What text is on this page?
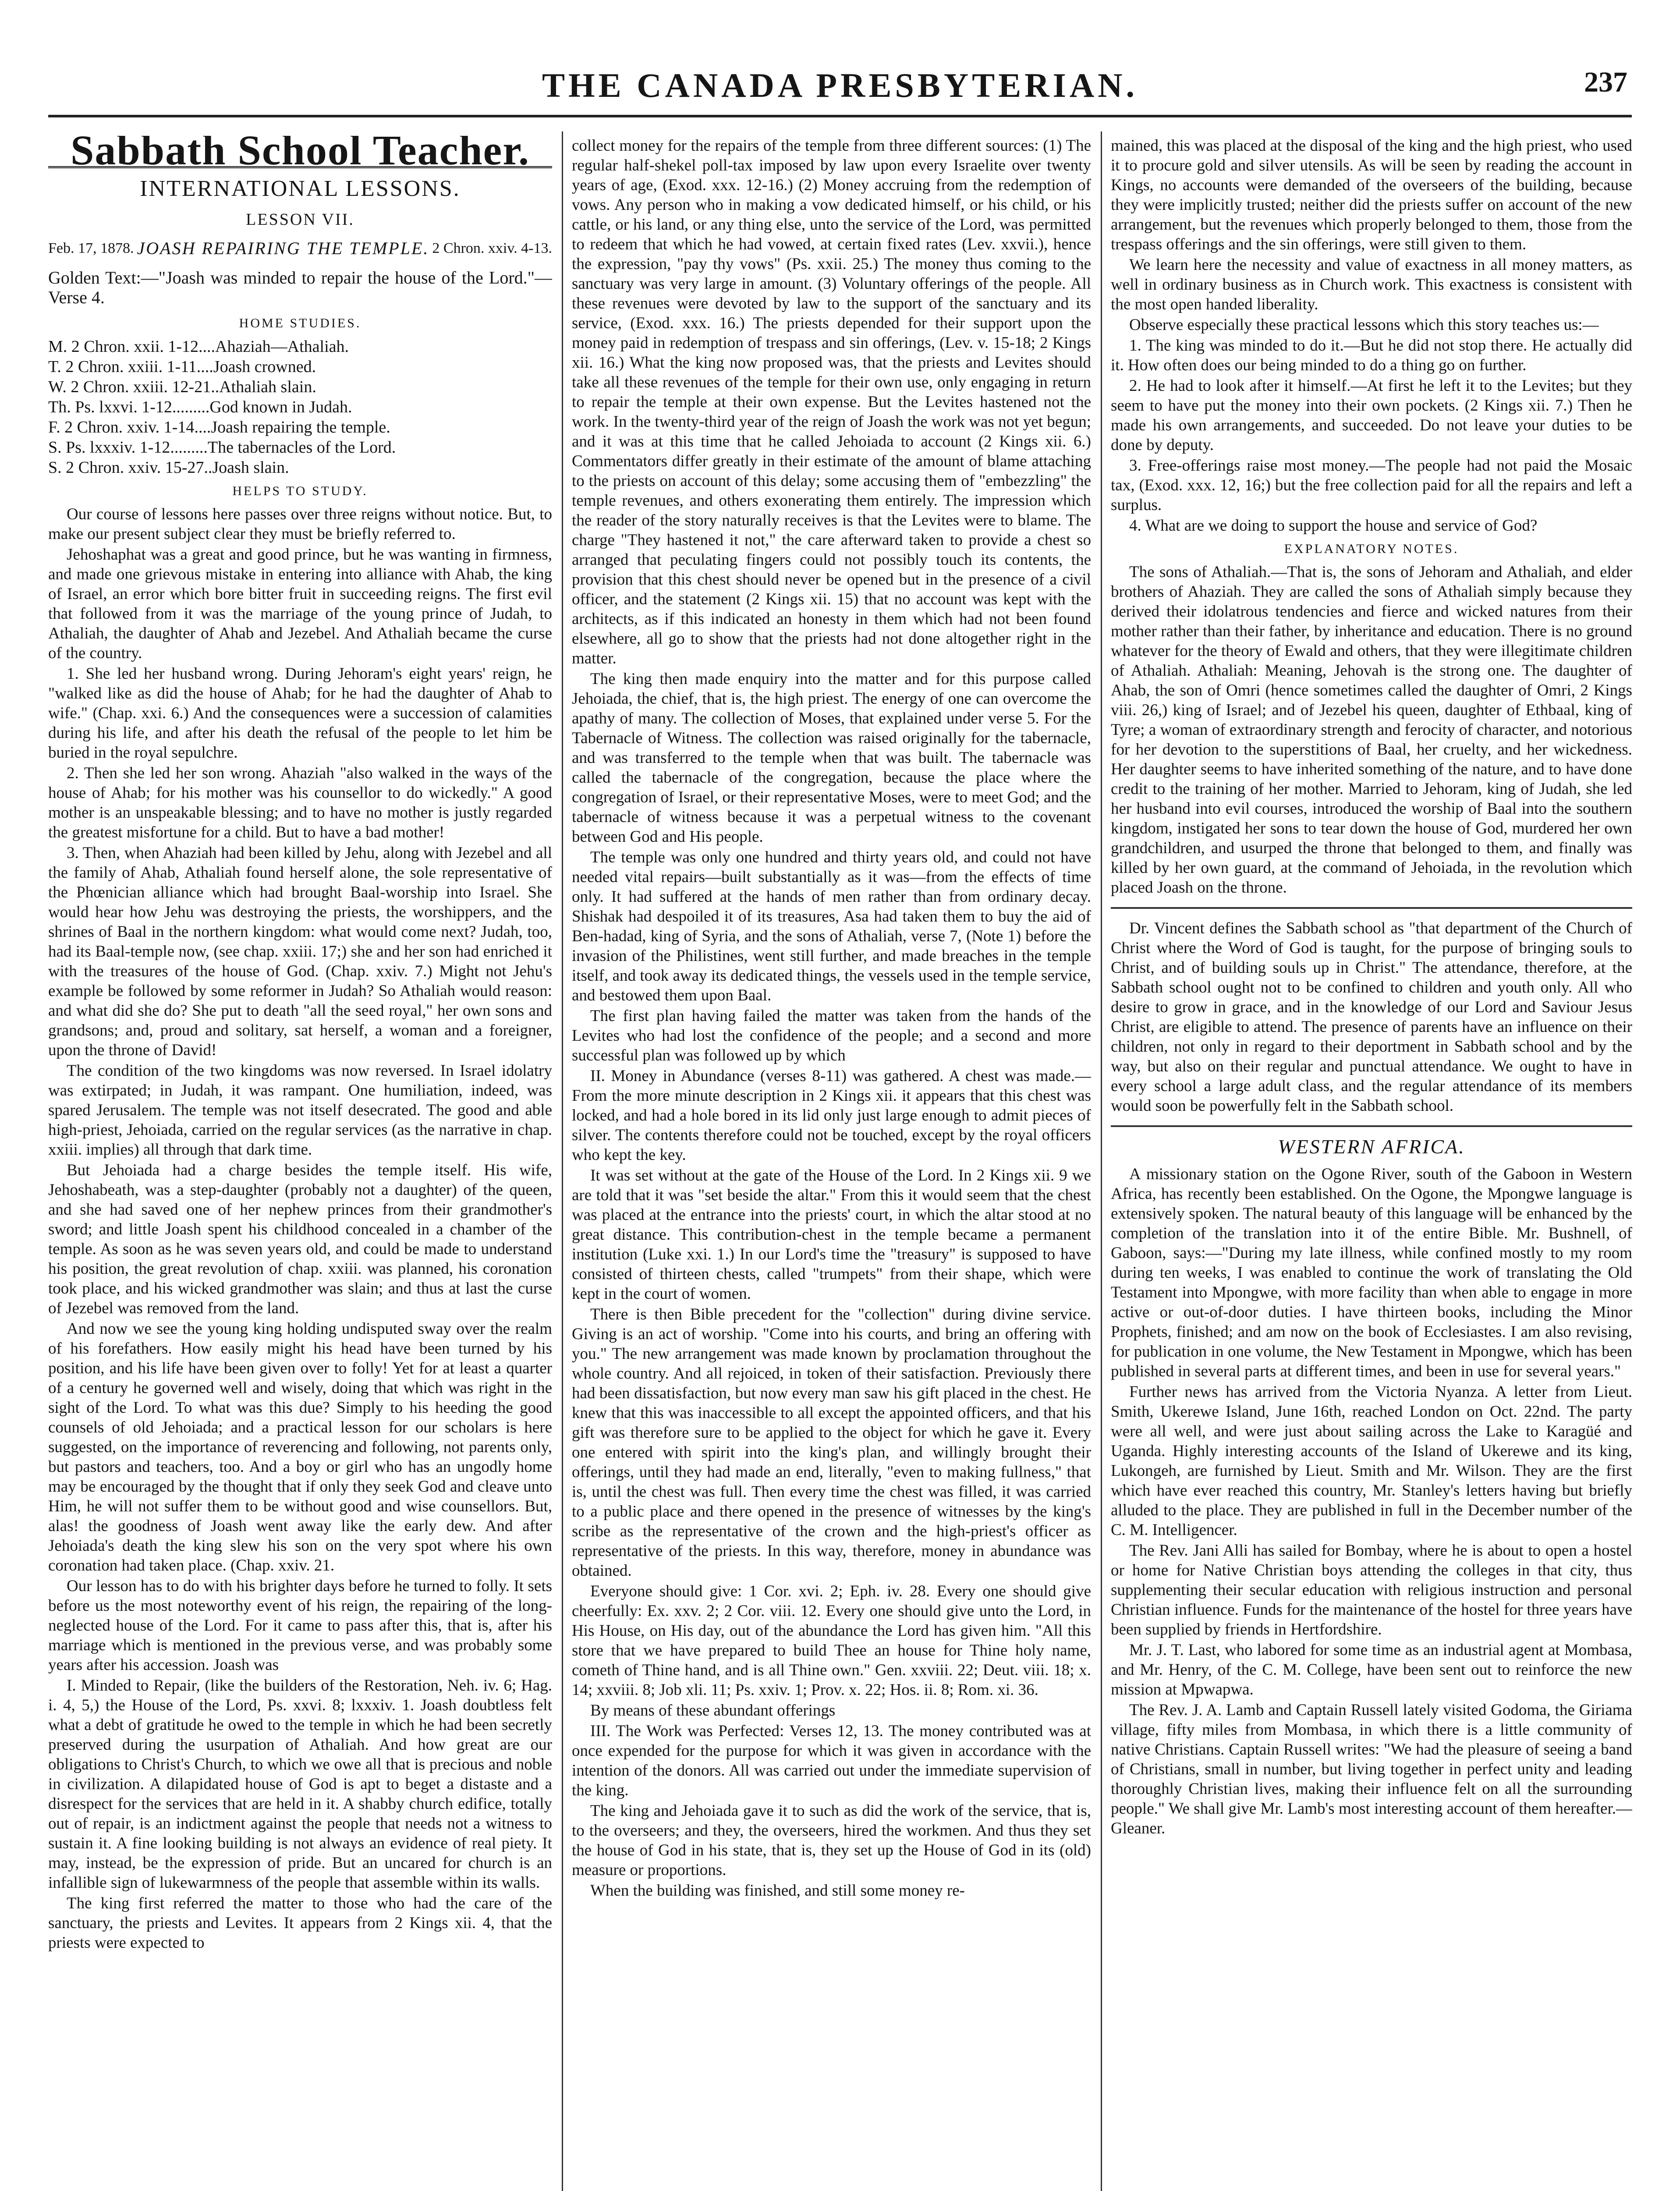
THE CANADA PRESBYTERIAN.	237
Sabbath School Teacher.
INTERNATIONAL LESSONS.
LESSON VII.
Feb. 17, 1878. JOASH REPAIRING THE TEMPLE. 2 Chron. xxiv. 4-13.
Golden Text:—"Joash was minded to repair the house of the Lord."—Verse 4.
HOME STUDIES.
M. 2 Chron. xxii. 1-12....Ahaziah—Athaliah.
T. 2 Chron. xxiii. 1-11....Joash crowned.
W. 2 Chron. xxiii. 12-21..Athaliah slain.
Th. Ps. lxxvi. 1-12.........God known in Judah.
F. 2 Chron. xxiv. 1-14....Joash repairing the temple.
S. Ps. lxxxiv. 1-12.........The tabernacles of the Lord.
S. 2 Chron. xxiv. 15-27..Joash slain.
HELPS TO STUDY.

Our course of lessons here passes over three reigns without notice. But, to make our present subject clear they must be briefly referred to.

Jehoshaphat was a great and good prince, but he was wanting in firmness, and made one grievous mistake in entering into alliance with Ahab, the king of Israel, an error which bore bitter fruit in succeeding reigns. The first evil that followed from it was the marriage of the young prince of Judah, to Athaliah, the daughter of Ahab and Jezebel. And Athaliah became the curse of the country.

1. She led her husband wrong. During Jehoram's eight years' reign, he "walked like as did the house of Ahab; for he had the daughter of Ahab to wife." (Chap. xxi. 6.) And the consequences were a succession of calamities during his life, and after his death the refusal of the people to let him be buried in the royal sepulchre.

2. Then she led her son wrong. Ahaziah "also walked in the ways of the house of Ahab; for his mother was his counsellor to do wickedly." A good mother is an unspeakable blessing; and to have no mother is justly regarded the greatest misfortune for a child. But to have a bad mother!

3. Then, when Ahaziah had been killed by Jehu, along with Jezebel and all the family of Ahab, Athaliah found herself alone, the sole representative of the Phœnician alliance which had brought Baal-worship into Israel. She would hear how Jehu was destroying the priests, the worshippers, and the shrines of Baal in the northern kingdom: what would come next? Judah, too, had its Baal-temple now, (see chap. xxiii. 17;) she and her son had enriched it with the treasures of the house of God. (Chap. xxiv. 7.) Might not Jehu's example be followed by some reformer in Judah? So Athaliah would reason: and what did she do? She put to death "all the seed royal," her own sons and grandsons; and, proud and solitary, sat herself, a woman and a foreigner, upon the throne of David!

The condition of the two kingdoms was now reversed. In Israel idolatry was extirpated; in Judah, it was rampant. One humiliation, indeed, was spared Jerusalem. The temple was not itself desecrated. The good and able high-priest, Jehoiada, carried on the regular services (as the narrative in chap. xxiii. implies) all through that dark time.

But Jehoiada had a charge besides the temple itself. His wife, Jehoshabeath, was a step-daughter (probably not a daughter) of the queen, and she had saved one of her nephew princes from their grandmother's sword; and little Joash spent his childhood concealed in a chamber of the temple. As soon as he was seven years old, and could be made to understand his position, the great revolution of chap. xxiii. was planned, his coronation took place, and his wicked grandmother was slain; and thus at last the curse of Jezebel was removed from the land.

And now we see the young king holding undisputed sway over the realm of his forefathers. How easily might his head have been turned by his position, and his life have been given over to folly! Yet for at least a quarter of a century he governed well and wisely, doing that which was right in the sight of the Lord. To what was this due? Simply to his heeding the good counsels of old Jehoiada; and a practical lesson for our scholars is here suggested, on the importance of reverencing and following, not parents only, but pastors and teachers, too. And a boy or girl who has an ungodly home may be encouraged by the thought that if only they seek God and cleave unto Him, he will not suffer them to be without good and wise counsellors. But, alas! the goodness of Joash went away like the early dew. And after Jehoiada's death the king slew his son on the very spot where his own coronation had taken place. (Chap. xxiv. 21.

Our lesson has to do with his brighter days before he turned to folly. It sets before us the most noteworthy event of his reign, the repairing of the long-neglected house of the Lord. For it came to pass after this, that is, after his marriage which is mentioned in the previous verse, and was probably some years after his accession. Joash was

I. Minded to Repair, (like the builders of the Restoration, Neh. iv. 6; Hag. i. 4, 5,) the House of the Lord, Ps. xxvi. 8; lxxxiv. 1. Joash doubtless felt what a debt of gratitude he owed to the temple in which he had been secretly preserved during the usurpation of Athaliah. And how great are our obligations to Christ's Church, to which we owe all that is precious and noble in civilization. A dilapidated house of God is apt to beget a distaste and a disrespect for the services that are held in it. A shabby church edifice, totally out of repair, is an indictment against the people that needs not a witness to sustain it. A fine looking building is not always an evidence of real piety. It may, instead, be the expression of pride. But an uncared for church is an infallible sign of lukewarmness of the people that assemble within its walls.

The king first referred the matter to those who had the care of the sanctuary, the priests and Levites. It appears from 2 Kings xii. 4, that the priests were expected to

collect money for the repairs of the temple from three different sources: (1) The regular half-shekel poll-tax imposed by law upon every Israelite over twenty years of age, (Exod. xxx. 12-16.) (2) Money accruing from the redemption of vows. Any person who in making a vow dedicated himself, or his child, or his cattle, or his land, or any thing else, unto the service of the Lord, was permitted to redeem that which he had vowed, at certain fixed rates (Lev. xxvii.), hence the expression, "pay thy vows" (Ps. xxii. 25.) The money thus coming to the sanctuary was very large in amount. (3) Voluntary offerings of the people. All these revenues were devoted by law to the support of the sanctuary and its service, (Exod. xxx. 16.) The priests depended for their support upon the money paid in redemption of trespass and sin offerings, (Lev. v. 15-18; 2 Kings xii. 16.) What the king now proposed was, that the priests and Levites should take all these revenues of the temple for their own use, only engaging in return to repair the temple at their own expense. But the Levites hastened not the work. In the twenty-third year of the reign of Joash the work was not yet begun; and it was at this time that he called Jehoiada to account (2 Kings xii. 6.) Commentators differ greatly in their estimate of the amount of blame attaching to the priests on account of this delay; some accusing them of "embezzling" the temple revenues, and others exonerating them entirely. The impression which the reader of the story naturally receives is that the Levites were to blame. The charge "They hastened it not," the care afterward taken to provide a chest so arranged that peculating fingers could not possibly touch its contents, the provision that this chest should never be opened but in the presence of a civil officer, and the statement (2 Kings xii. 15) that no account was kept with the architects, as if this indicated an honesty in them which had not been found elsewhere, all go to show that the priests had not done altogether right in the matter.

The king then made enquiry into the matter and for this purpose called Jehoiada, the chief, that is, the high priest. The energy of one can overcome the apathy of many. The collection of Moses, that explained under verse 5. For the Tabernacle of Witness. The collection was raised originally for the tabernacle, and was transferred to the temple when that was built. The tabernacle was called the tabernacle of the congregation, because the place where the congregation of Israel, or their representative Moses, were to meet God; and the tabernacle of witness because it was a perpetual witness to the covenant between God and His people.

The temple was only one hundred and thirty years old, and could not have needed vital repairs—built substantially as it was—from the effects of time only. It had suffered at the hands of men rather than from ordinary decay. Shishak had despoiled it of its treasures, Asa had taken them to buy the aid of Ben-hadad, king of Syria, and the sons of Athaliah, verse 7, (Note 1) before the invasion of the Philistines, went still further, and made breaches in the temple itself, and took away its dedicated things, the vessels used in the temple service, and bestowed them upon Baal.

The first plan having failed the matter was taken from the hands of the Levites who had lost the confidence of the people; and a second and more successful plan was followed up by which

II. Money in Abundance (verses 8-11) was gathered. A chest was made.—From the more minute description in 2 Kings xii. it appears that this chest was locked, and had a hole bored in its lid only just large enough to admit pieces of silver. The contents therefore could not be touched, except by the royal officers who kept the key.

It was set without at the gate of the House of the Lord. In 2 Kings xii. 9 we are told that it was "set beside the altar." From this it would seem that the chest was placed at the entrance into the priests' court, in which the altar stood at no great distance. This contribution-chest in the temple became a permanent institution (Luke xxi. 1.) In our Lord's time the "treasury" is supposed to have consisted of thirteen chests, called "trumpets" from their shape, which were kept in the court of women.

There is then Bible precedent for the "collection" during divine service. Giving is an act of worship. "Come into his courts, and bring an offering with you." The new arrangement was made known by proclamation throughout the whole country. And all rejoiced, in token of their satisfaction. Previously there had been dissatisfaction, but now every man saw his gift placed in the chest. He knew that this was inaccessible to all except the appointed officers, and that his gift was therefore sure to be applied to the object for which he gave it. Every one entered with spirit into the king's plan, and willingly brought their offerings, until they had made an end, literally, "even to making fullness," that is, until the chest was full. Then every time the chest was filled, it was carried to a public place and there opened in the presence of witnesses by the king's scribe as the representative of the crown and the high-priest's officer as representative of the priests. In this way, therefore, money in abundance was obtained.

Everyone should give: 1 Cor. xvi. 2; Eph. iv. 28. Every one should give cheerfully: Ex. xxv. 2; 2 Cor. viii. 12. Every one should give unto the Lord, in His House, on His day, out of the abundance the Lord has given him. "All this store that we have prepared to build Thee an house for Thine holy name, cometh of Thine hand, and is all Thine own." Gen. xxviii. 22; Deut. viii. 18; x. 14; xxviii. 8; Job xli. 11; Ps. xxiv. 1; Prov. x. 22; Hos. ii. 8; Rom. xi. 36.

By means of these abundant offerings

III. The Work was Perfected: Verses 12, 13. The money contributed was at once expended for the purpose for which it was given in accordance with the intention of the donors. All was carried out under the immediate supervision of the king.

The king and Jehoiada gave it to such as did the work of the service, that is, to the overseers; and they, the overseers, hired the workmen. And thus they set the house of God in his state, that is, they set up the House of God in its (old) measure or proportions.

When the building was finished, and still some money re-

mained, this was placed at the disposal of the king and the high priest, who used it to procure gold and silver utensils. As will be seen by reading the account in Kings, no accounts were demanded of the overseers of the building, because they were implicitly trusted; neither did the priests suffer on account of the new arrangement, but the revenues which properly belonged to them, those from the trespass offerings and the sin offerings, were still given to them.

We learn here the necessity and value of exactness in all money matters, as well in ordinary business as in Church work. This exactness is consistent with the most open handed liberality.

Observe especially these practical lessons which this story teaches us:—

1. The king was minded to do it.—But he did not stop there. He actually did it. How often does our being minded to do a thing go on further.

2. He had to look after it himself.—At first he left it to the Levites; but they seem to have put the money into their own pockets. (2 Kings xii. 7.) Then he made his own arrangements, and succeeded. Do not leave your duties to be done by deputy.

3. Free-offerings raise most money.—The people had not paid the Mosaic tax, (Exod. xxx. 12, 16;) but the free collection paid for all the repairs and left a surplus.

4. What are we doing to support the house and service of God?

EXPLANATORY NOTES.

The sons of Athaliah.—That is, the sons of Jehoram and Athaliah, and elder brothers of Ahaziah. They are called the sons of Athaliah simply because they derived their idolatrous tendencies and fierce and wicked natures from their mother rather than their father, by inheritance and education. There is no ground whatever for the theory of Ewald and others, that they were illegitimate children of Athaliah. Athaliah: Meaning, Jehovah is the strong one. The daughter of Ahab, the son of Omri (hence sometimes called the daughter of Omri, 2 Kings viii. 26,) king of Israel; and of Jezebel his queen, daughter of Ethbaal, king of Tyre; a woman of extraordinary strength and ferocity of character, and notorious for her devotion to the superstitions of Baal, her cruelty, and her wickedness. Her daughter seems to have inherited something of the nature, and to have done credit to the training of her mother. Married to Jehoram, king of Judah, she led her husband into evil courses, introduced the worship of Baal into the southern kingdom, instigated her sons to tear down the house of God, murdered her own grandchildren, and usurped the throne that belonged to them, and finally was killed by her own guard, at the command of Jehoiada, in the revolution which placed Joash on the throne.

Dr. Vincent defines the Sabbath school as "that department of the Church of Christ where the Word of God is taught, for the purpose of bringing souls to Christ, and of building souls up in Christ." The attendance, therefore, at the Sabbath school ought not to be confined to children and youth only. All who desire to grow in grace, and in the knowledge of our Lord and Saviour Jesus Christ, are eligible to attend. The presence of parents have an influence on their children, not only in regard to their deportment in Sabbath school and by the way, but also on their regular and punctual attendance. We ought to have in every school a large adult class, and the regular attendance of its members would soon be powerfully felt in the Sabbath school.

WESTERN AFRICA.

A missionary station on the Ogone River, south of the Gaboon in Western Africa, has recently been established. On the Ogone, the Mpongwe language is extensively spoken. The natural beauty of this language will be enhanced by the completion of the translation into it of the entire Bible. Mr. Bushnell, of Gaboon, says:—"During my late illness, while confined mostly to my room during ten weeks, I was enabled to continue the work of translating the Old Testament into Mpongwe, with more facility than when able to engage in more active or out-of-door duties. I have thirteen books, including the Minor Prophets, finished; and am now on the book of Ecclesiastes. I am also revising, for publication in one volume, the New Testament in Mpongwe, which has been published in several parts at different times, and been in use for several years."

Further news has arrived from the Victoria Nyanza. A letter from Lieut. Smith, Ukerewe Island, June 16th, reached London on Oct. 22nd. The party were all well, and were just about sailing across the Lake to Karagüé and Uganda. Highly interesting accounts of the Island of Ukerewe and its king, Lukongeh, are furnished by Lieut. Smith and Mr. Wilson. They are the first which have ever reached this country, Mr. Stanley's letters having but briefly alluded to the place. They are published in full in the December number of the C. M. Intelligencer.

The Rev. Jani Alli has sailed for Bombay, where he is about to open a hostel or home for Native Christian boys attending the colleges in that city, thus supplementing their secular education with religious instruction and personal Christian influence. Funds for the maintenance of the hostel for three years have been supplied by friends in Hertfordshire.

Mr. J. T. Last, who labored for some time as an industrial agent at Mombasa, and Mr. Henry, of the C. M. College, have been sent out to reinforce the new mission at Mpwapwa.

The Rev. J. A. Lamb and Captain Russell lately visited Godoma, the Giriama village, fifty miles from Mombasa, in which there is a little community of native Christians. Captain Russell writes: "We had the pleasure of seeing a band of Christians, small in number, but living together in perfect unity and leading thoroughly Christian lives, making their influence felt on all the surrounding people." We shall give Mr. Lamb's most interesting account of them hereafter.—Gleaner.
